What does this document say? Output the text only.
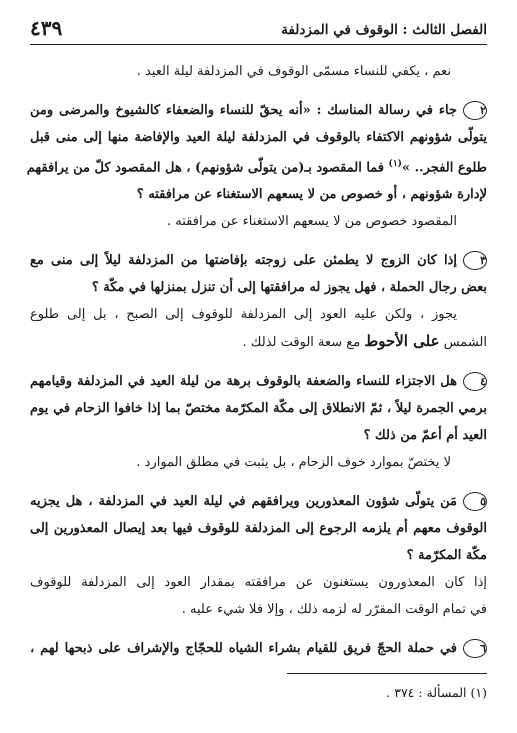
الفصل الثالث : الوقوف في المزدلفة
٤٣٩
نعم ، يكفي للنساء مسمّى الوقوف في المزدلفة ليلة العيد .
٢جاء في رسالة المناسك : «أنه يحقّ للنساء والضعفاء كالشيوخ والمرضى ومن
يتولّى شؤونهم الاكتفاء بالوقوف في المزدلفة ليلة العيد والإفاضة منها إلى منى قبل
طلوع الفجر.. »$^{(١)}$ فما المقصود بـ(من يتولّى شؤونهم) ، هل المقصود كلّ من يرافقهم
لإدارة شؤونهم ، أو خصوص من لا يسعهم الاستغناء عن مرافقته ؟
المقصود خصوص من لا يسعهم الاستغناء عن مرافقته .
٣إذا كان الزوج لا يطمئن على زوجته بإفاضتها من المزدلفة ليلاً إلى منى مع
بعض رجال الحملة ، فهل يجوز له مرافقتها إلى أن تنزل بمنزلها في مكّة ؟
يجوز ، ولكن عليه العود إلى المزدلفة للوقوف إلى الصبح ، بل إلى طلوع
الشمس على الأحوط مع سعة الوقت لذلك .
٤هل الاجتزاء للنساء والضعفة بالوقوف برهة من ليلة العيد في المزدلفة وقيامهم
برمي الجمرة ليلاً ، ثمّ الانطلاق إلى مكّة المكرّمة مختصّ بما إذا خافوا الزحام في يوم
العيد أم أعمّ من ذلك ؟
لا يختصّ بموارد خوف الزحام ، بل يثبت في مطلق الموارد .
٥مَن يتولّى شؤون المعذورين ويرافقهم في ليلة العيد في المزدلفة ، هل يجزيه
الوقوف معهم أم يلزمه الرجوع إلى المزدلفة للوقوف فيها بعد إيصال المعذورين إلى
مكّة المكرّمة ؟
إذا كان المعذورون يستغنون عن مرافقته بمقدار العود إلى المزدلفة للوقوف
في تمام الوقت المقرّر له لزمه ذلك ، وإلا فلا شيء عليه .
٦في حملة الحجّ فريق للقيام بشراء الشياه للحجّاج والإشراف على ذبحها لهم ،
(١) المسألة : ٣٧٤ .
